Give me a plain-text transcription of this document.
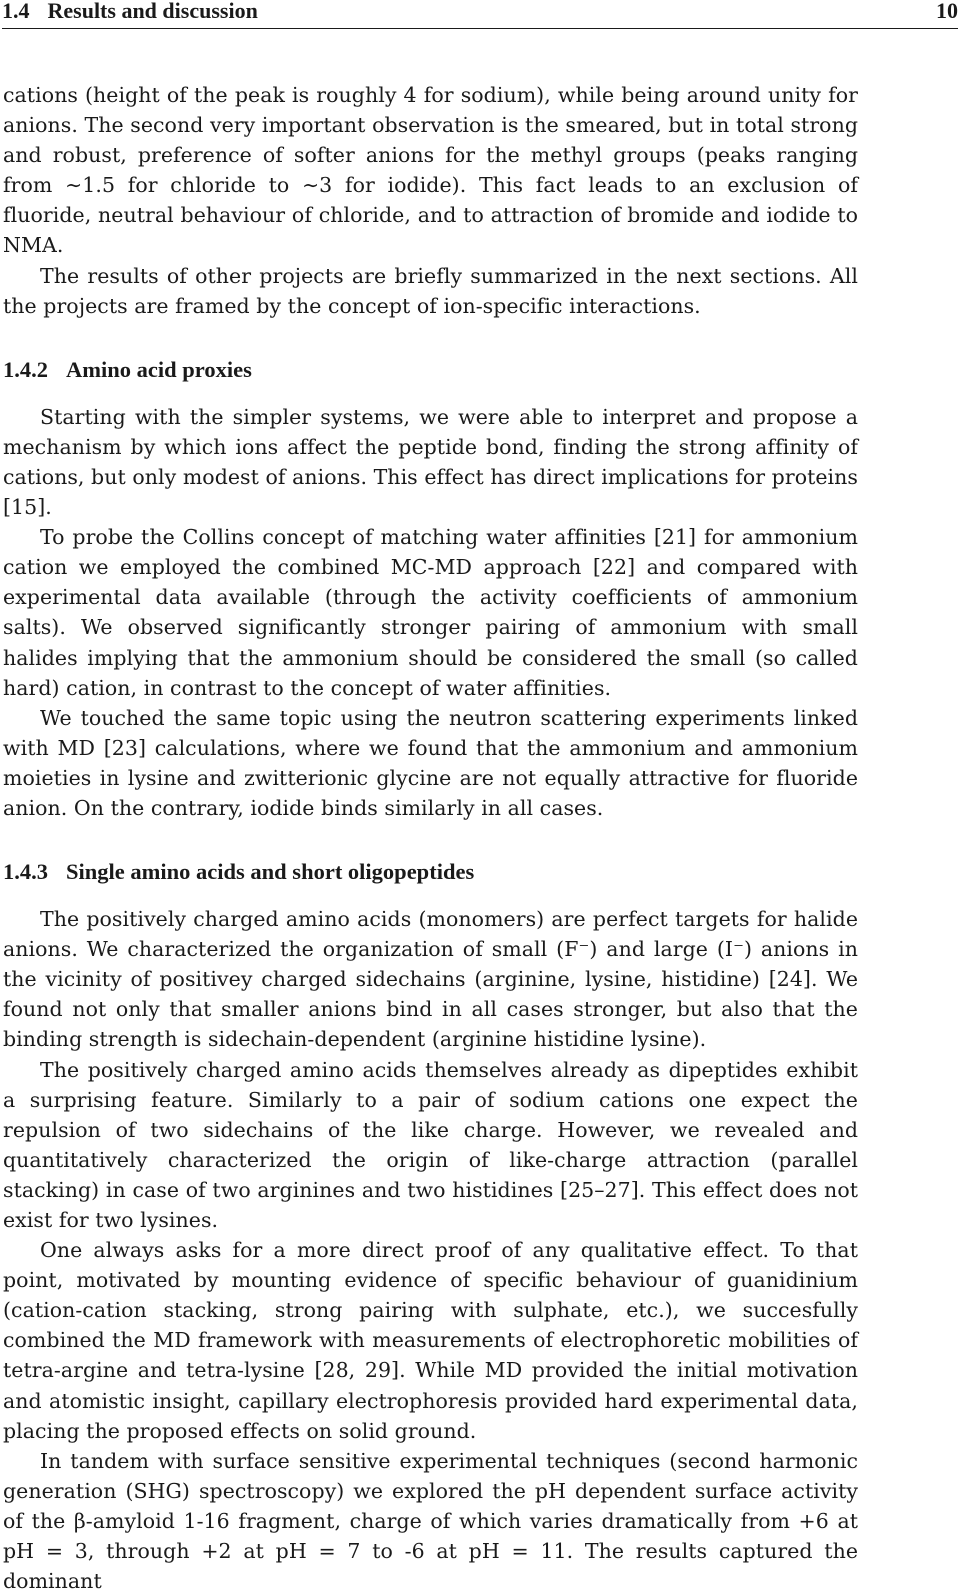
1.4 Results and discussion	10

cations (height of the peak is roughly 4 for sodium), while being around unity for anions. The second very important observation is the smeared, but in total strong and robust, preference of softer anions for the methyl groups (peaks ranging from ∼1.5 for chloride to ∼3 for iodide). This fact leads to an exclusion of fluoride, neutral behaviour of chloride, and to attraction of bromide and iodide to NMA.

The results of other projects are briefly summarized in the next sections. All the projects are framed by the concept of ion-specific interactions.

1.4.2 Amino acid proxies

Starting with the simpler systems, we were able to interpret and propose a mechanism by which ions affect the peptide bond, finding the strong affinity of cations, but only modest of anions. This effect has direct implications for proteins [15].

To probe the Collins concept of matching water affinities [21] for ammonium cation we employed the combined MC-MD approach [22] and compared with experimental data available (through the activity coefficients of ammonium salts). We observed significantly stronger pairing of ammonium with small halides implying that the ammonium should be considered the small (so called hard) cation, in contrast to the concept of water affinities.

We touched the same topic using the neutron scattering experiments linked with MD [23] calculations, where we found that the ammonium and ammonium moieties in lysine and zwitterionic glycine are not equally attractive for fluoride anion. On the contrary, iodide binds similarly in all cases.

1.4.3 Single amino acids and short oligopeptides

The positively charged amino acids (monomers) are perfect targets for halide anions. We characterized the organization of small (F⁻) and large (I⁻) anions in the vicinity of positivey charged sidechains (arginine, lysine, histidine) [24]. We found not only that smaller anions bind in all cases stronger, but also that the binding strength is sidechain-dependent (arginine histidine lysine).

The positively charged amino acids themselves already as dipeptides exhibit a surprising feature. Similarly to a pair of sodium cations one expect the repulsion of two sidechains of the like charge. However, we revealed and quantitatively characterized the origin of like-charge attraction (parallel stacking) in case of two arginines and two histidines [25–27]. This effect does not exist for two lysines.

One always asks for a more direct proof of any qualitative effect. To that point, motivated by mounting evidence of specific behaviour of guanidinium (cation-cation stacking, strong pairing with sulphate, etc.), we succesfully combined the MD framework with measurements of electrophoretic mobilities of tetra-argine and tetra-lysine [28, 29]. While MD provided the initial motivation and atomistic insight, capillary electrophoresis provided hard experimental data, placing the proposed effects on solid ground.

In tandem with surface sensitive experimental techniques (second harmonic generation (SHG) spectroscopy) we explored the pH dependent surface activity of the β-amyloid 1-16 fragment, charge of which varies dramatically from +6 at pH = 3, through +2 at pH = 7 to -6 at pH = 11. The results captured the dominant
